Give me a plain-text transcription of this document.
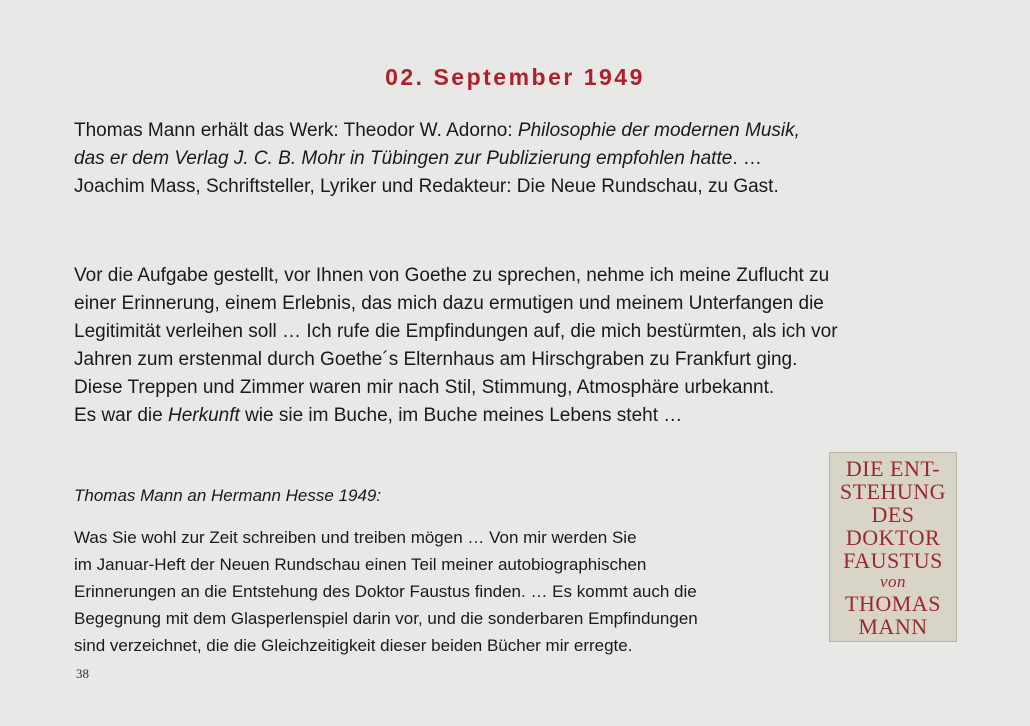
02. September 1949
Thomas Mann erhält das Werk: Theodor W. Adorno: Philosophie der modernen Musik,
das er dem Verlag J. C. B. Mohr in Tübingen zur Publizierung empfohlen hatte. …
Joachim Mass, Schriftsteller, Lyriker und Redakteur: Die Neue Rundschau, zu Gast.
Vor die Aufgabe gestellt, vor Ihnen von Goethe zu sprechen, nehme ich meine Zuflucht zu
einer Erinnerung, einem Erlebnis, das mich dazu ermutigen und meinem Unterfangen die
Legitimität verleihen soll … Ich rufe die Empfindungen auf, die mich bestürmten, als ich vor
Jahren zum erstenmal durch Goethe´s Elternhaus am Hirschgraben zu Frankfurt ging.
Diese Treppen und Zimmer waren mir nach Stil, Stimmung, Atmosphäre urbekannt.
Es war die Herkunft wie sie im Buche, im Buche meines Lebens steht …
Thomas Mann an Hermann Hesse 1949:
Was Sie wohl zur Zeit schreiben und treiben mögen … Von mir werden Sie
im Januar-Heft der Neuen Rundschau einen Teil meiner autobiographischen
Erinnerungen an die Entstehung des Doktor Faustus finden. … Es kommt auch die
Begegnung mit dem Glasperlenspiel darin vor, und die sonderbaren Empfindungen
sind verzeichnet, die die Gleichzeitigkeit dieser beiden Bücher mir erregte.
DIE ENT-
STEHUNG
DES
DOKTOR
FAUSTUS
von
THOMAS
MANN
38
